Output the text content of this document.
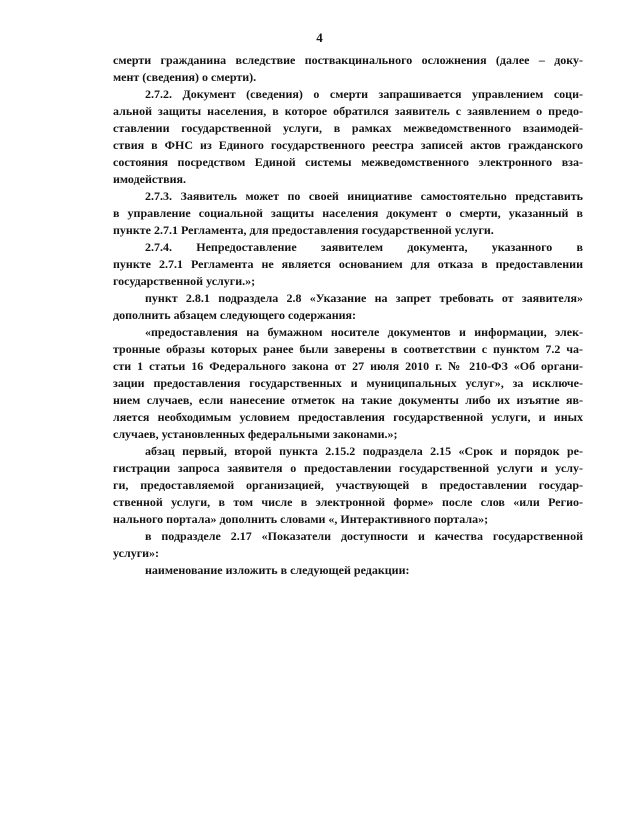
4
смерти гражданина вследствие поствакцинального осложнения (далее – доку-
мент (сведения) о смерти).
2.7.2. Документ (сведения) о смерти запрашивается управлением соци-
альной защиты населения, в которое обратился заявитель с заявлением о предо-
ставлении государственной услуги, в рамках межведомственного взаимодей-
ствия в ФНС из Единого государственного реестра записей актов гражданского
состояния посредством Единой системы межведомственного электронного вза-
имодействия.
2.7.3. Заявитель может по своей инициативе самостоятельно представить
в управление социальной защиты населения документ о смерти, указанный в
пункте 2.7.1 Регламента, для предоставления государственной услуги.
2.7.4. Непредоставление заявителем документа, указанного в
пункте 2.7.1 Регламента не является основанием для отказа в предоставлении
государственной услуги.»;
пункт 2.8.1 подраздела 2.8 «Указание на запрет требовать от заявителя»
дополнить абзацем следующего содержания:
«предоставления на бумажном носителе документов и информации, элек-
тронные образы которых ранее были заверены в соответствии с пунктом 7.2 ча-
сти 1 статьи 16 Федерального закона от 27 июля 2010 г. № 210-ФЗ «Об органи-
зации предоставления государственных и муниципальных услуг», за исключе-
нием случаев, если нанесение отметок на такие документы либо их изъятие яв-
ляется необходимым условием предоставления государственной услуги, и иных
случаев, установленных федеральными законами.»;
абзац первый, второй пункта 2.15.2 подраздела 2.15 «Срок и порядок ре-
гистрации запроса заявителя о предоставлении государственной услуги и услу-
ги, предоставляемой организацией, участвующей в предоставлении государ-
ственной услуги, в том числе в электронной форме» после слов «или Регио-
нального портала» дополнить словами «, Интерактивного портала»;
в подразделе 2.17 «Показатели доступности и качества государственной
услуги»:
наименование изложить в следующей редакции:
